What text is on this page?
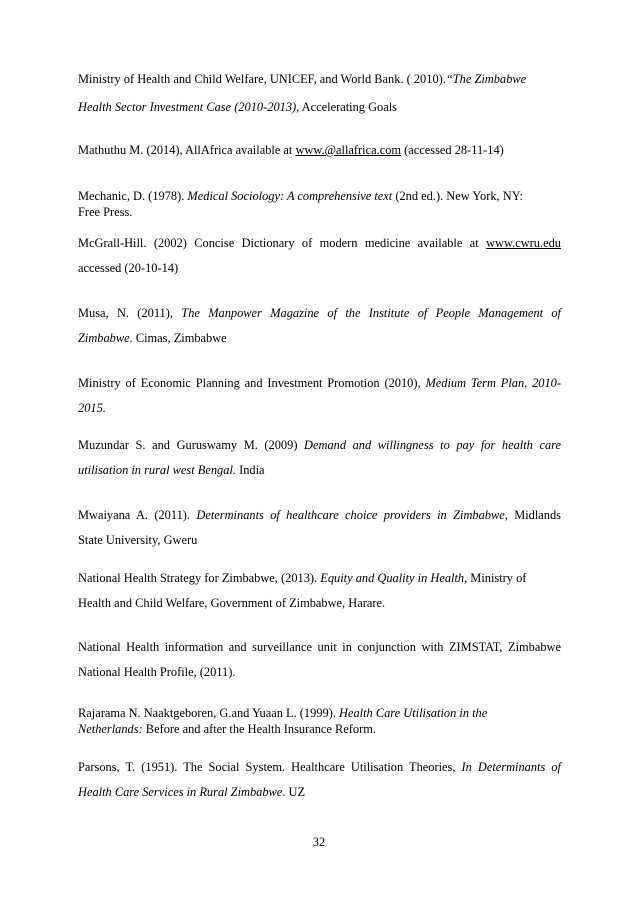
Ministry of Health and Child Welfare, UNICEF, and World Bank. ( 2010).“The Zimbabwe
Health Sector Investment Case (2010-2013), Accelerating Goals
Mathuthu M. (2014), AllAfrica available at www.@allafrica.com (accessed 28-11-14)
Mechanic, D. (1978). Medical Sociology: A comprehensive text (2nd ed.). New York, NY:
Free Press.
McGrall-Hill. (2002) Concise Dictionary of modern medicine available at www.cwru.edu
accessed (20-10-14)
Musa, N. (2011), The Manpower Magazine of the Institute of People Management of
Zimbabwe. Cimas, Zimbabwe
Ministry of Economic Planning and Investment Promotion (2010), Medium Term Plan, 2010-
2015.
Muzundar S. and Guruswamy M. (2009) Demand and willingness to pay for health care
utilisation in rural west Bengal. India
Mwaiyana A. (2011). Determinants of healthcare choice providers in Zimbabwe, Midlands
State University, Gweru
National Health Strategy for Zimbabwe, (2013). Equity and Quality in Health, Ministry of
Health and Child Welfare, Government of Zimbabwe, Harare.
National Health information and surveillance unit in conjunction with ZIMSTAT, Zimbabwe
National Health Profile, (2011).
Rajarama N. Naaktgeboren, G.and Yuaan L. (1999). Health Care Utilisation in the
Netherlands: Before and after the Health Insurance Reform.
Parsons, T. (1951). The Social System. Healthcare Utilisation Theories, In Determinants of
Health Care Services in Rural Zimbabwe. UZ
32
